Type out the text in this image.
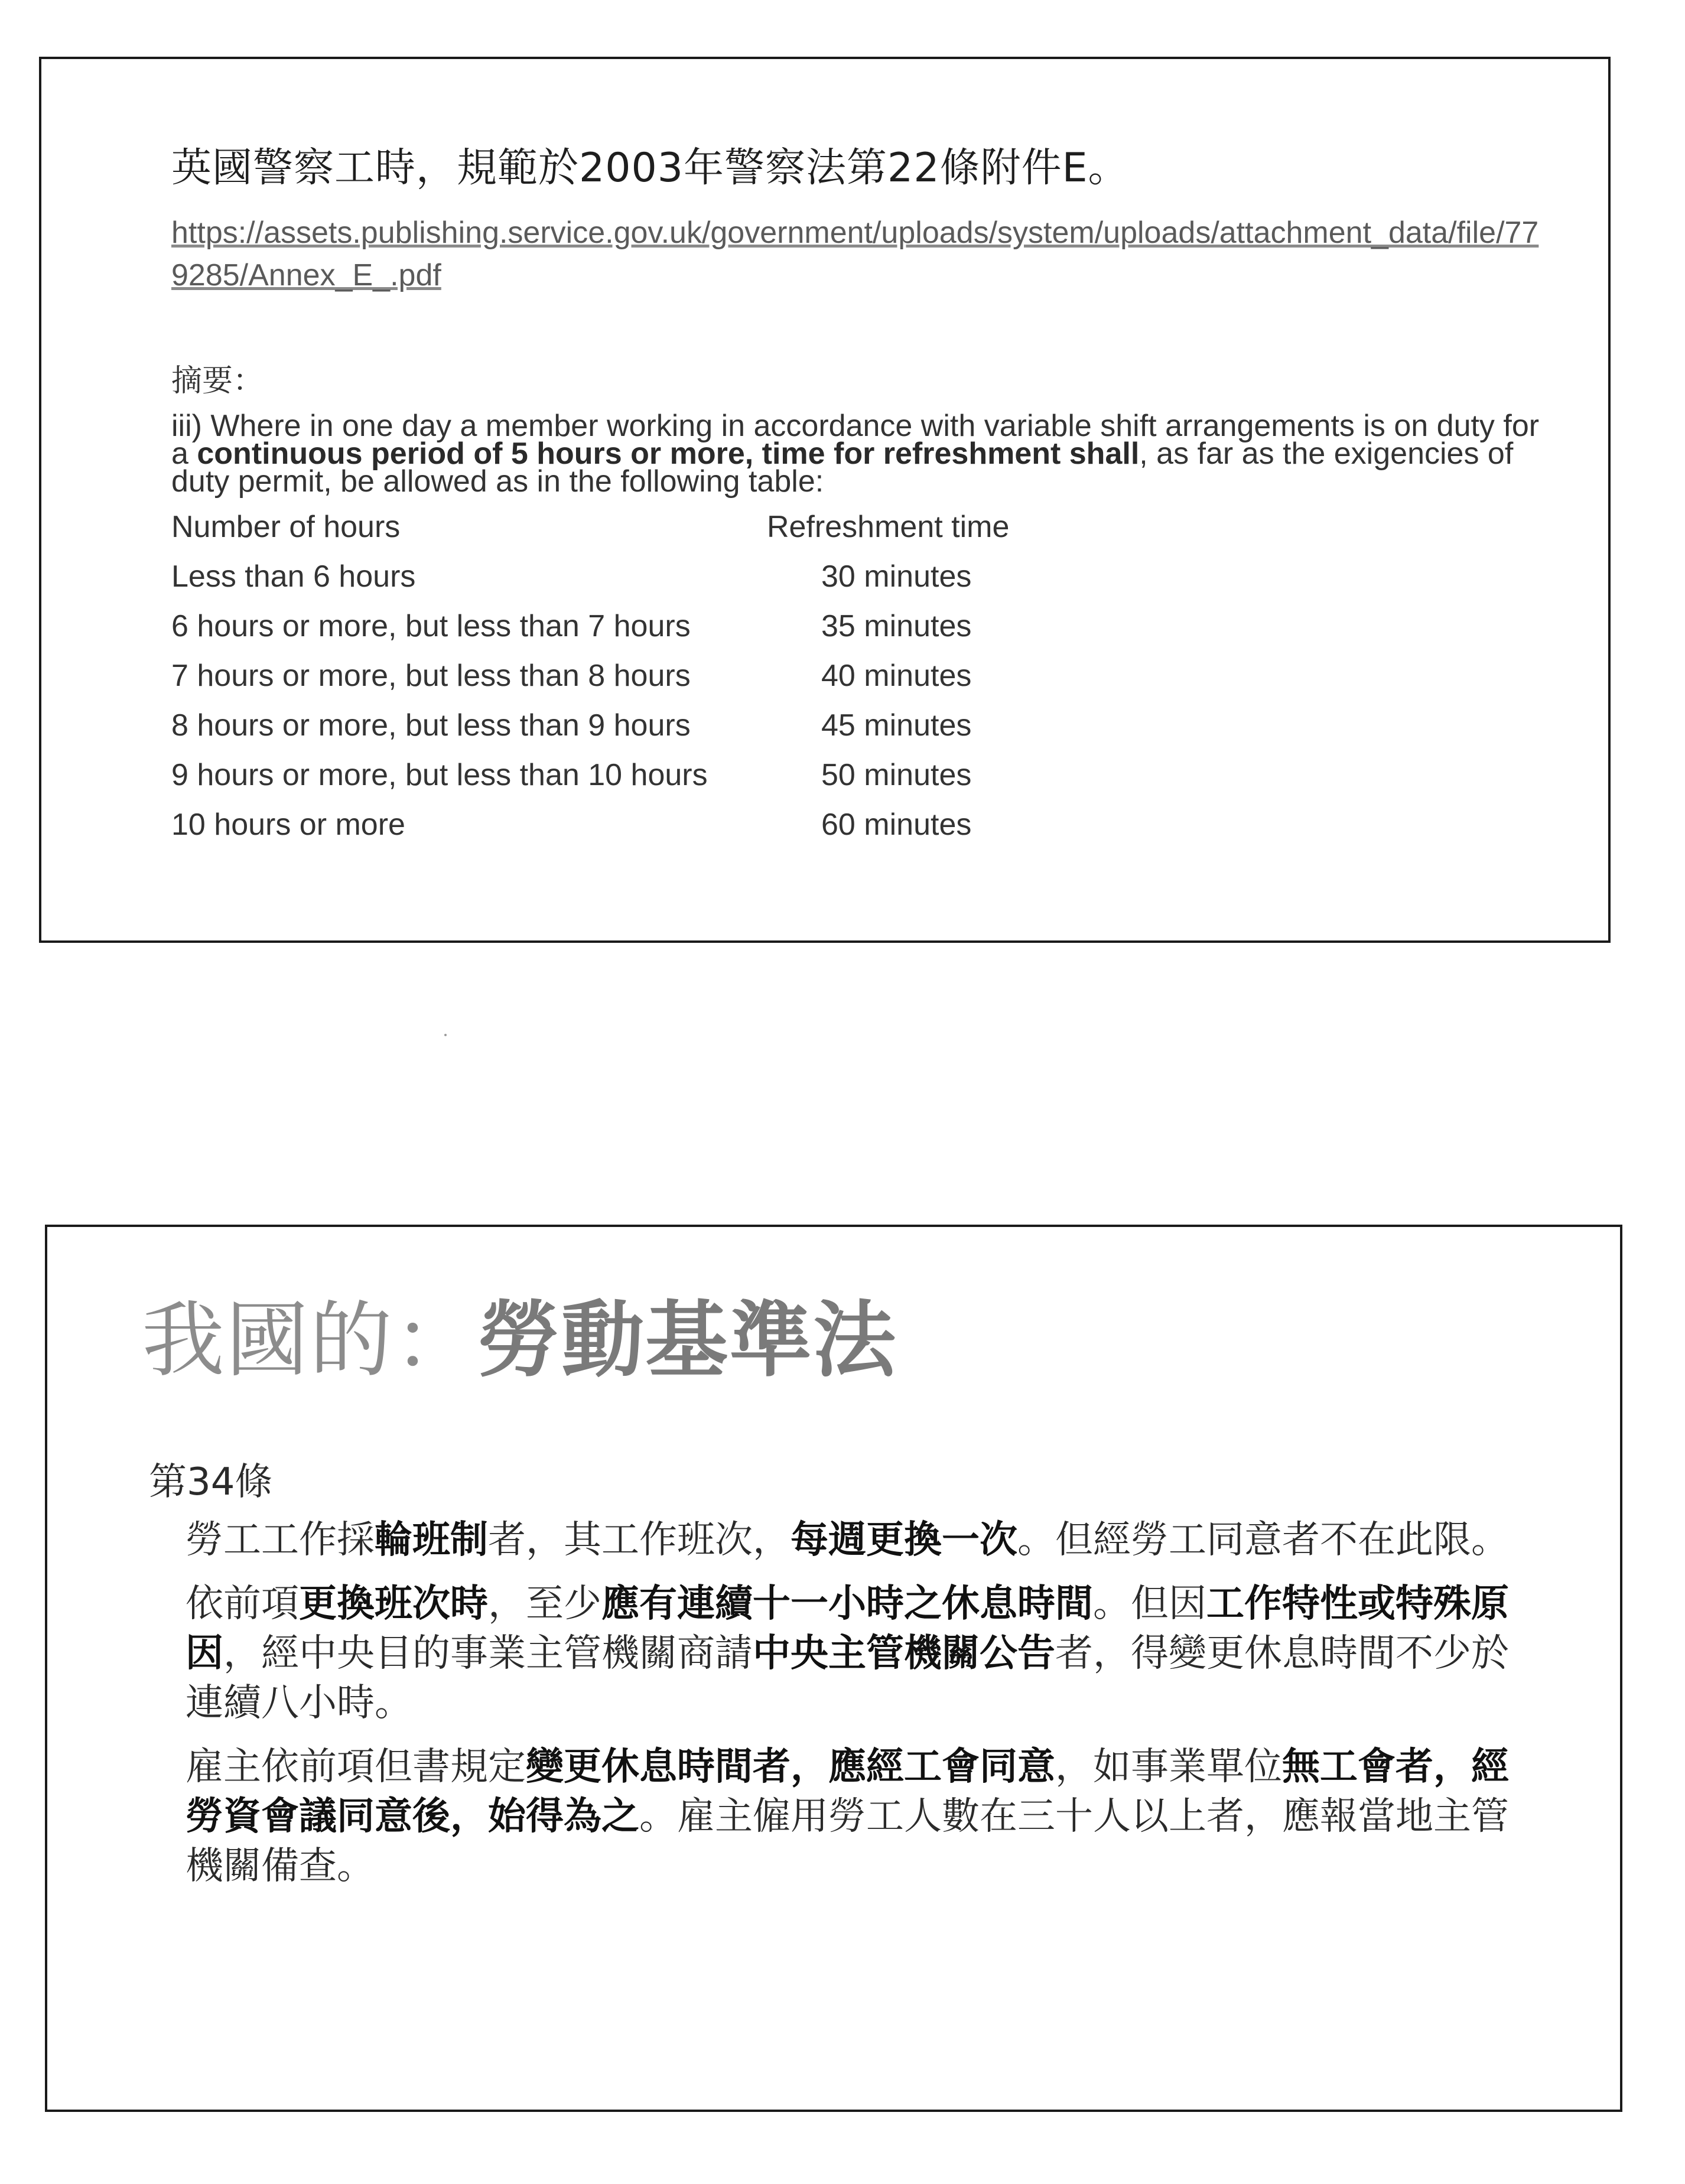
英國警察工時，規範於2003年警察法第22條附件E。
https://assets.publishing.service.gov.uk/government/uploads/system/uploads/attachment_data/file/779285/Annex_E_.pdf
摘要：
iii) Where in one day a member working in accordance with variable shift arrangements is on duty for a continuous period of 5 hours or more, time for refreshment shall, as far as the exigencies of duty permit, be allowed as in the following table:
Number of hours	Refreshment time
Less than 6 hours	30 minutes
6 hours or more, but less than 7 hours	35 minutes
7 hours or more, but less than 8 hours	40 minutes
8 hours or more, but less than 9 hours	45 minutes
9 hours or more, but less than 10 hours	50 minutes
10 hours or more	60 minutes
我國的：勞動基準法
第34條

勞工工作採輪班制者，其工作班次，每週更換一次。但經勞工同意者不在此限。

依前項更換班次時，至少應有連續十一小時之休息時間。但因工作特性或特殊原因，經中央目的事業主管機關商請中央主管機關公告者，得變更休息時間不少於連續八小時。

雇主依前項但書規定變更休息時間者，應經工會同意，如事業單位無工會者，經勞資會議同意後，始得為之。雇主僱用勞工人數在三十人以上者，應報當地主管機關備查。
